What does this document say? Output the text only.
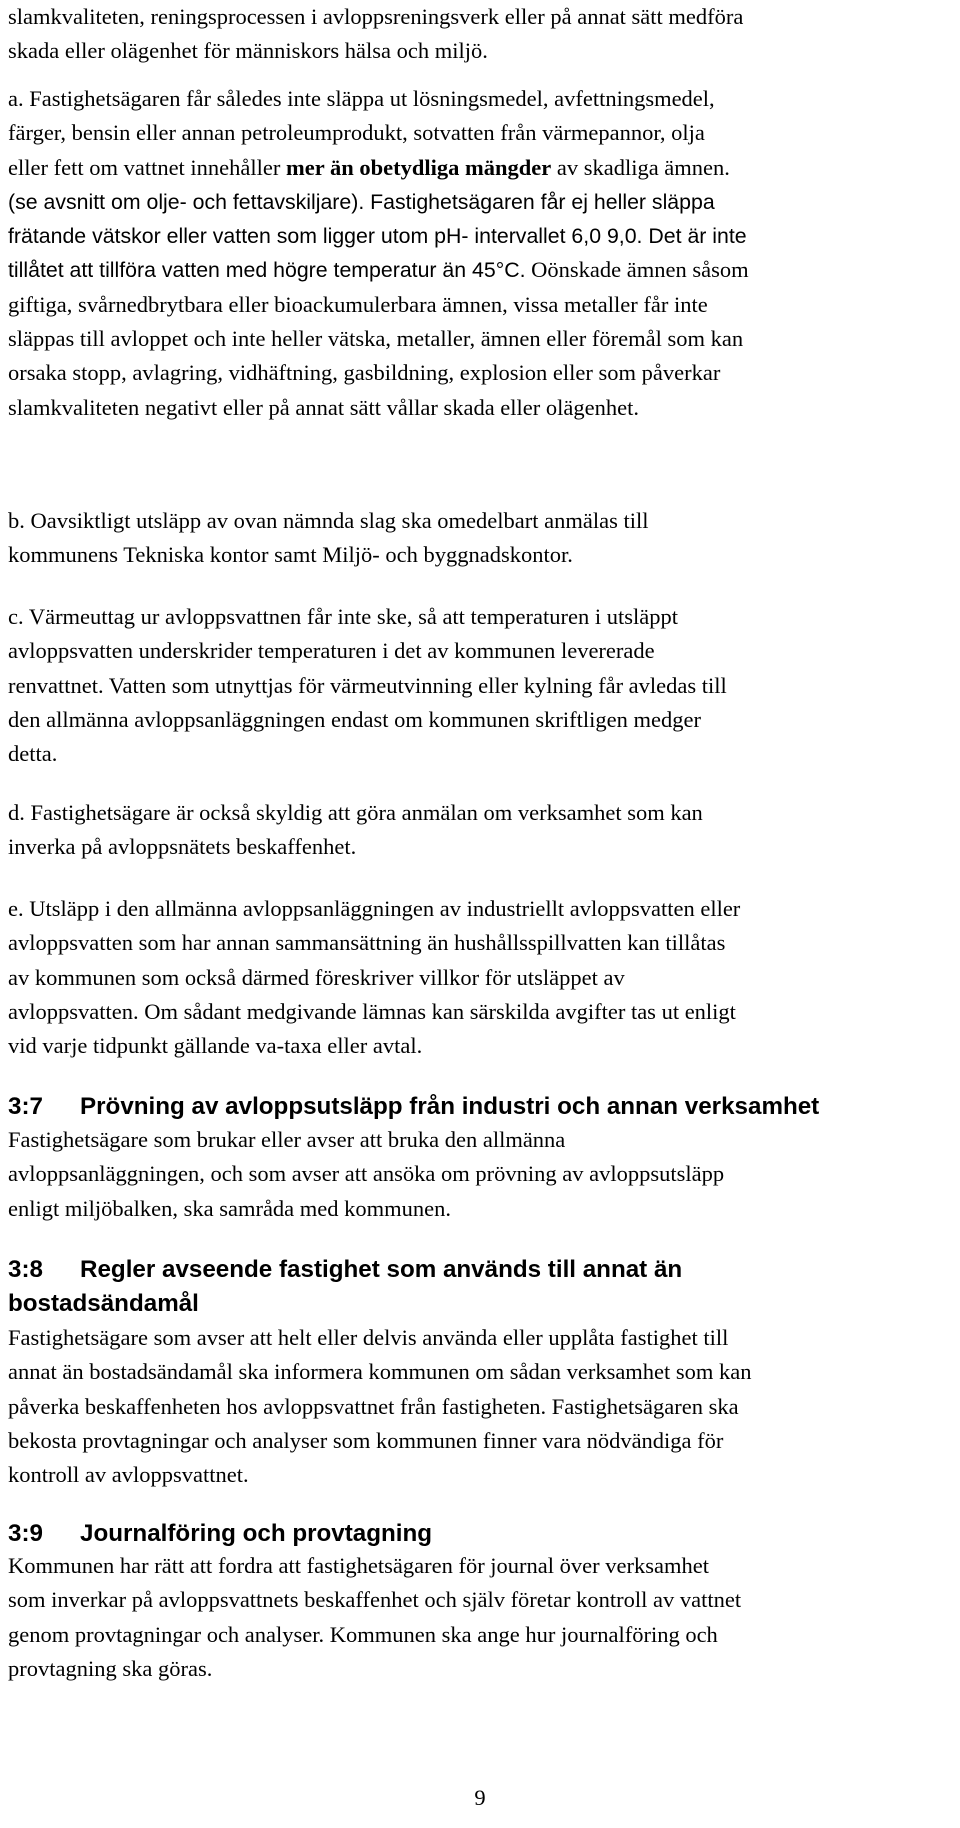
slamkvaliteten, reningsprocessen i avloppsreningsverk eller på annat sätt medföra
skada eller olägenhet för människors hälsa och miljö.

a. Fastighetsägaren får således inte släppa ut lösningsmedel, avfettningsmedel,
färger, bensin eller annan petroleumprodukt, sotvatten från värmepannor, olja
eller fett om vattnet innehåller mer än obetydliga mängder av skadliga ämnen.
(se avsnitt om olje- och fettavskiljare). Fastighetsägaren får ej heller släppa
frätande vätskor eller vatten som ligger utom pH- intervallet 6,0 9,0. Det är inte
tillåtet att tillföra vatten med högre temperatur än 45°C. Oönskade ämnen såsom
giftiga, svårnedbrytbara eller bioackumulerbara ämnen, vissa metaller får inte
släppas till avloppet och inte heller vätska, metaller, ämnen eller föremål som kan
orsaka stopp, avlagring, vidhäftning, gasbildning, explosion eller som påverkar
slamkvaliteten negativt eller på annat sätt vållar skada eller olägenhet.

b. Oavsiktligt utsläpp av ovan nämnda slag ska omedelbart anmälas till
kommunens Tekniska kontor samt Miljö- och byggnadskontor.

c. Värmeuttag ur avloppsvattnen får inte ske, så att temperaturen i utsläppt
avloppsvatten underskrider temperaturen i det av kommunen levererade
renvattnet. Vatten som utnyttjas för värmeutvinning eller kylning får avledas till
den allmänna avloppsanläggningen endast om kommunen skriftligen medger
detta.

d. Fastighetsägare är också skyldig att göra anmälan om verksamhet som kan
inverka på avloppsnätets beskaffenhet.

e. Utsläpp i den allmänna avloppsanläggningen av industriellt avloppsvatten eller
avloppsvatten som har annan sammansättning än hushållsspillvatten kan tillåtas
av kommunen som också därmed föreskriver villkor för utsläppet av
avloppsvatten. Om sådant medgivande lämnas kan särskilda avgifter tas ut enligt
vid varje tidpunkt gällande va-taxa eller avtal.

3:7 Prövning av avloppsutsläpp från industri och annan verksamhet

Fastighetsägare som brukar eller avser att bruka den allmänna
avloppsanläggningen, och som avser att ansöka om prövning av avloppsutsläpp
enligt miljöbalken, ska samråda med kommunen.

3:8 Regler avseende fastighet som används till annat än
bostadsändamål

Fastighetsägare som avser att helt eller delvis använda eller upplåta fastighet till
annat än bostadsändamål ska informera kommunen om sådan verksamhet som kan
påverka beskaffenheten hos avloppsvattnet från fastigheten. Fastighetsägaren ska
bekosta provtagningar och analyser som kommunen finner vara nödvändiga för
kontroll av avloppsvattnet.

3:9 Journalföring och provtagning

Kommunen har rätt att fordra att fastighetsägaren för journal över verksamhet
som inverkar på avloppsvattnets beskaffenhet och själv företar kontroll av vattnet
genom provtagningar och analyser. Kommunen ska ange hur journalföring och
provtagning ska göras.

9
